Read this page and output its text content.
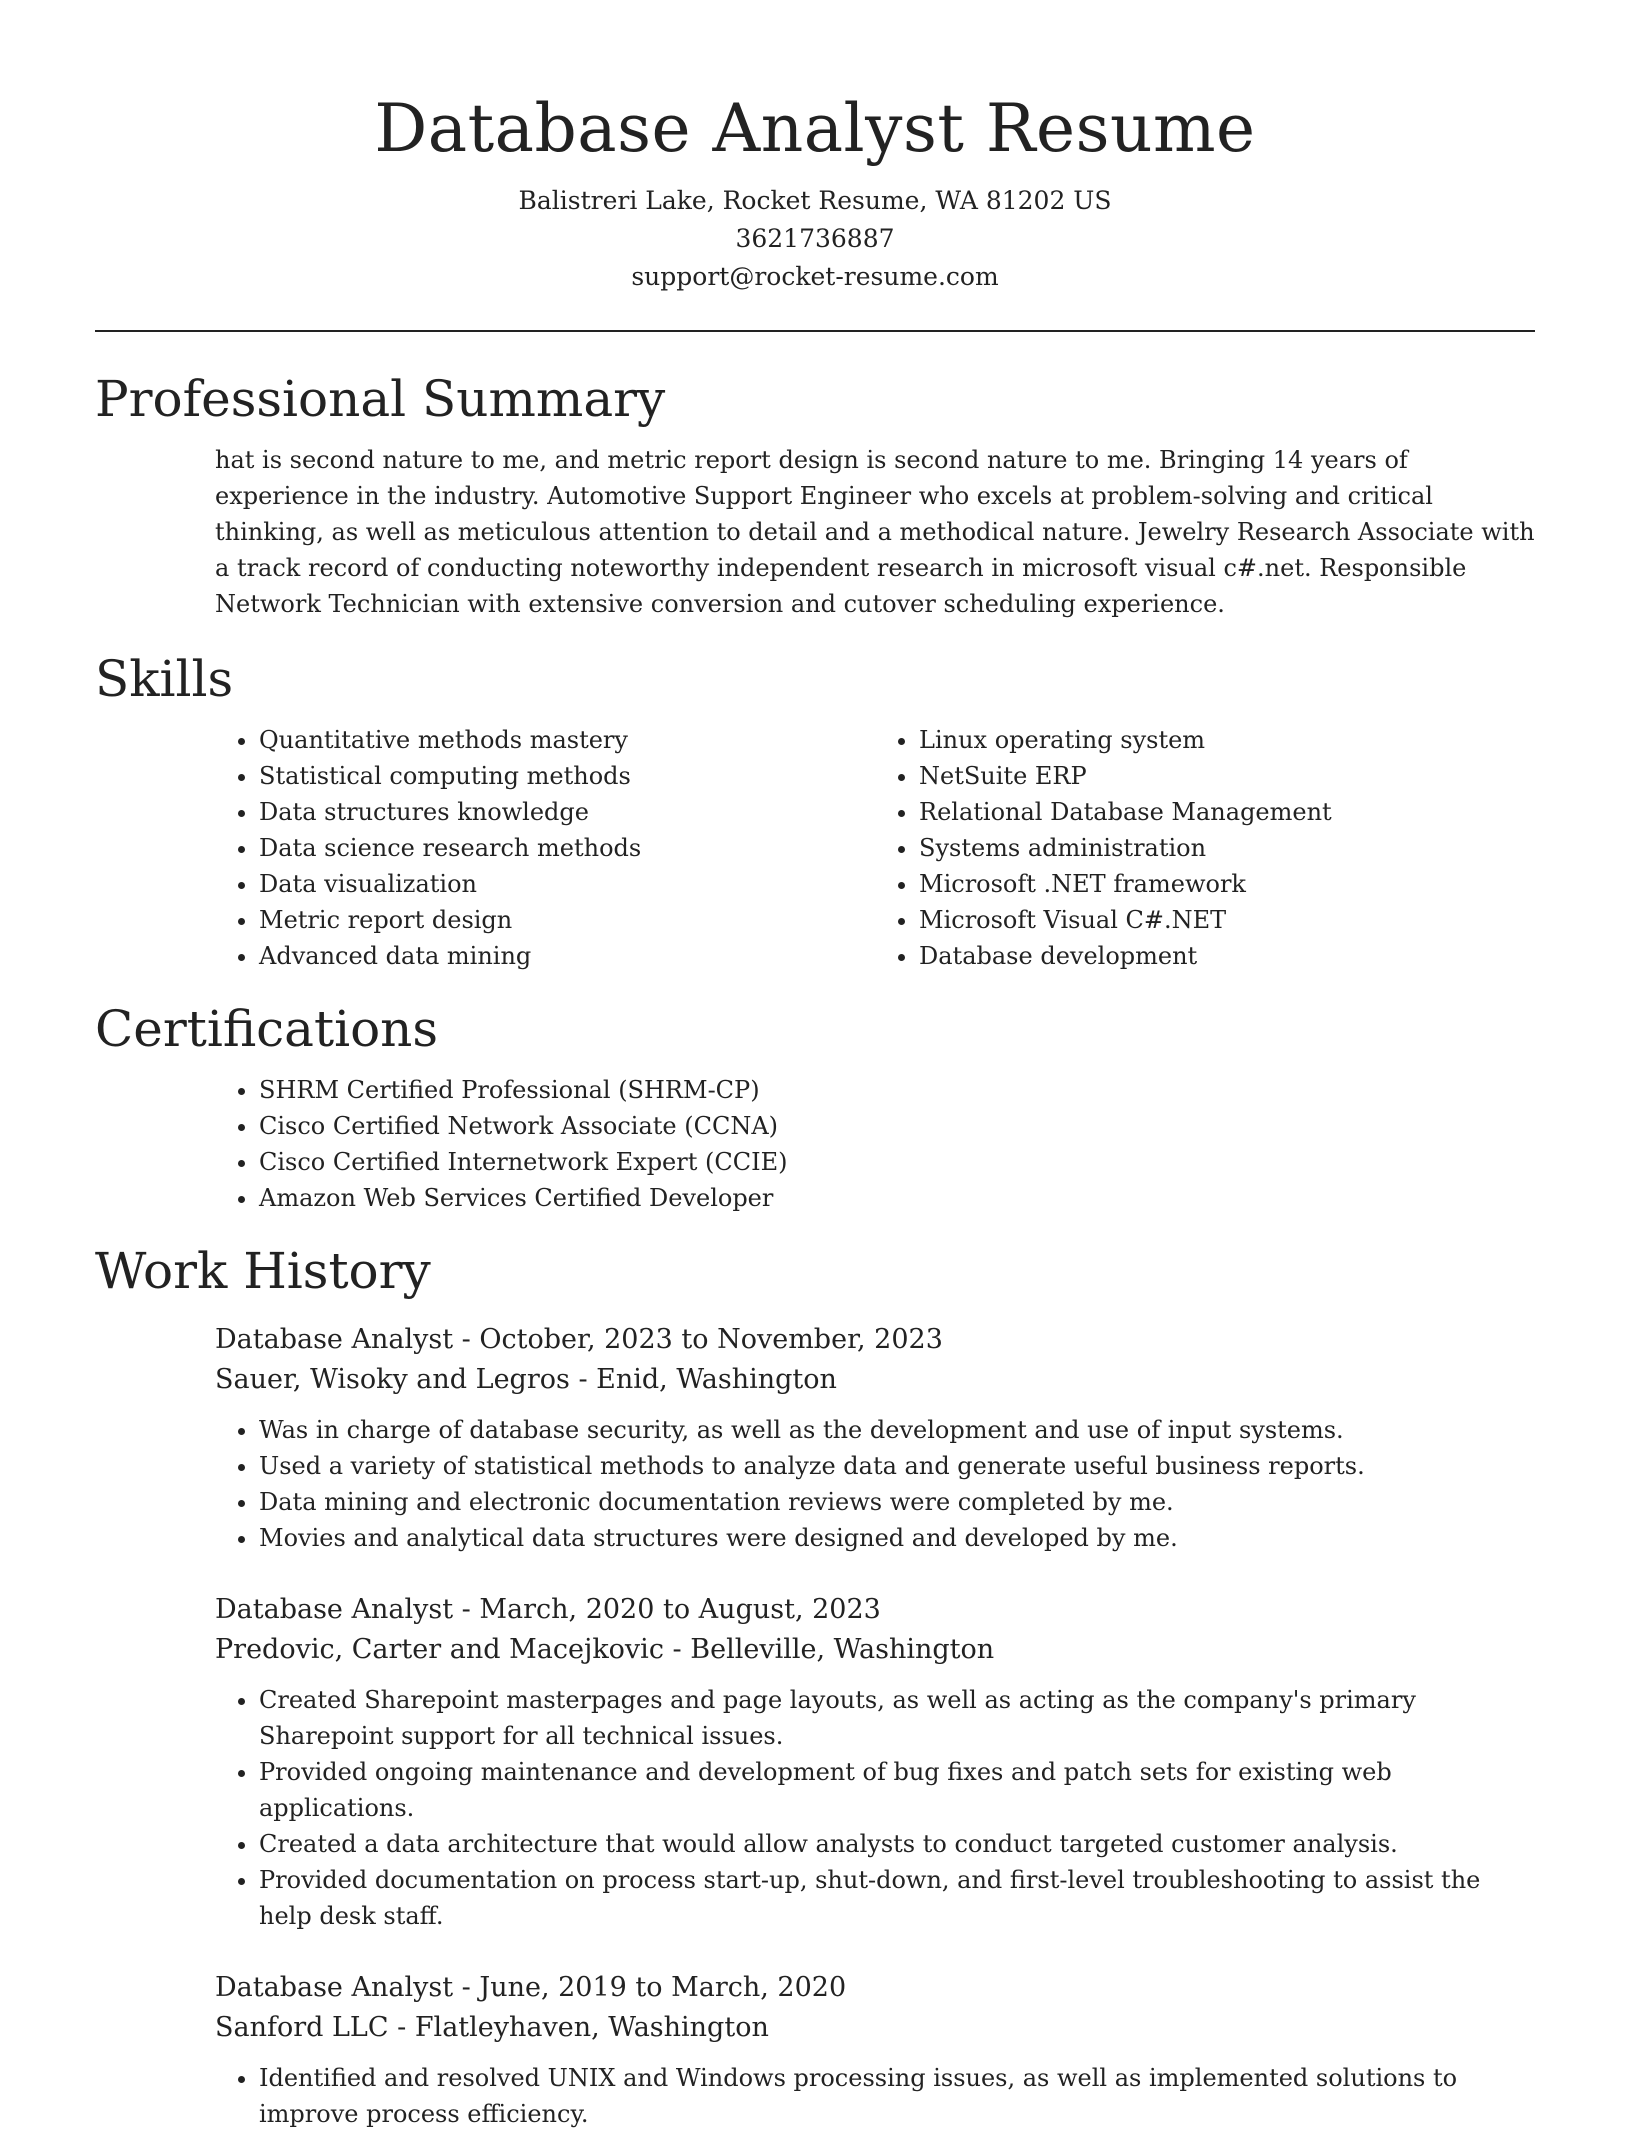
Database Analyst Resume

Balistreri Lake, Rocket Resume, WA 81202 US

3621736887

support@rocket-resume.com

Professional Summary

hat is second nature to me, and metric report design is second nature to me. Bringing 14 years of experience in the industry. Automotive Support Engineer who excels at problem-solving and critical thinking, as well as meticulous attention to detail and a methodical nature. Jewelry Research Associate with a track record of conducting noteworthy independent research in microsoft visual c#.net. Responsible Network Technician with extensive conversion and cutover scheduling experience.

Skills
• Quantitative methods mastery
• Statistical computing methods
• Data structures knowledge
• Data science research methods
• Data visualization
• Metric report design
• Advanced data mining
• Linux operating system
• NetSuite ERP
• Relational Database Management
• Systems administration
• Microsoft .NET framework
• Microsoft Visual C#.NET
• Database development
Certifications
• SHRM Certified Professional (SHRM-CP)
• Cisco Certified Network Associate (CCNA)
• Cisco Certified Internetwork Expert (CCIE)
• Amazon Web Services Certified Developer
Work History

Database Analyst - October, 2023 to November, 2023

Sauer, Wisoky and Legros - Enid, Washington

• Was in charge of database security, as well as the development and use of input systems.
• Used a variety of statistical methods to analyze data and generate useful business reports.
• Data mining and electronic documentation reviews were completed by me.
• Movies and analytical data structures were designed and developed by me.

Database Analyst - March, 2020 to August, 2023

Predovic, Carter and Macejkovic - Belleville, Washington

• Created Sharepoint masterpages and page layouts, as well as acting as the company's primary Sharepoint support for all technical issues.
• Provided ongoing maintenance and development of bug fixes and patch sets for existing web applications.
• Created a data architecture that would allow analysts to conduct targeted customer analysis.
• Provided documentation on process start-up, shut-down, and first-level troubleshooting to assist the help desk staff.

Database Analyst - June, 2019 to March, 2020

Sanford LLC - Flatleyhaven, Washington

• Identified and resolved UNIX and Windows processing issues, as well as implemented solutions to improve process efficiency.
